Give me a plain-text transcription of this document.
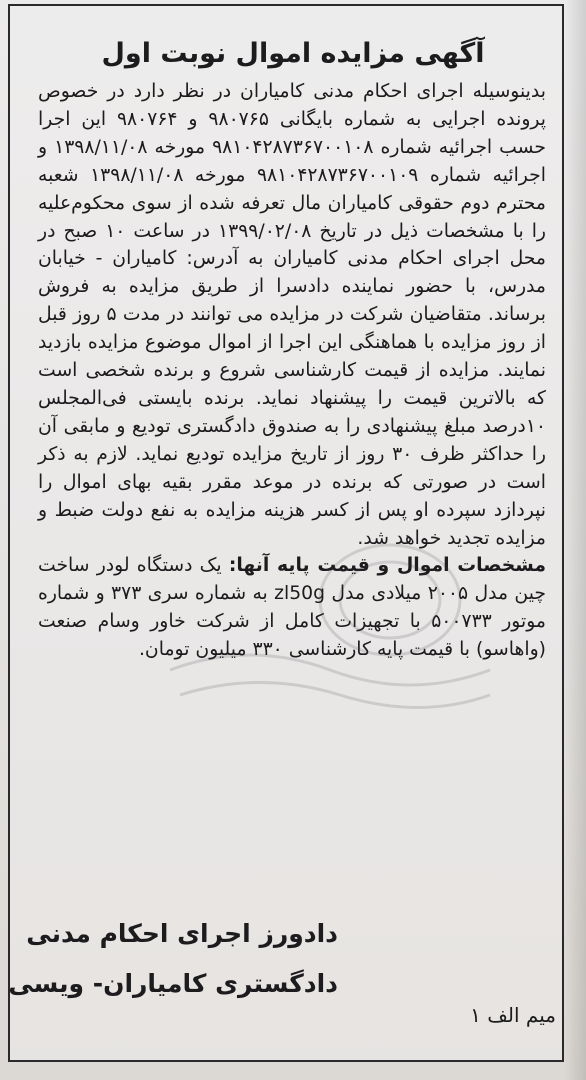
آگهی مزایده اموال نوبت اول

بدینوسیله اجرای احکام مدنی کامیاران در نظر دارد در خصوص پرونده اجرایی به شماره بایگانی ۹۸۰۷۶۵ و ۹۸۰۷۶۴ این اجرا حسب اجرائیه شماره ۹۸۱۰۴۲۸۷۳۶۷۰۰۱۰۸ مورخه ۱۳۹۸/۱۱/۰۸ و اجرائیه شماره ۹۸۱۰۴۲۸۷۳۶۷۰۰۱۰۹ مورخه ۱۳۹۸/۱۱/۰۸ شعبه محترم دوم حقوقی کامیاران مال تعرفه شده از سوی محکوم‌علیه را با مشخصات ذیل در تاریخ ۱۳۹۹/۰۲/۰۸ در ساعت ۱۰ صبح در محل اجرای احکام مدنی کامیاران به آدرس: کامیاران - خیابان مدرس، با حضور نماینده دادسرا از طریق مزایده به فروش برساند. متقاضیان شرکت در مزایده می توانند در مدت ۵ روز قبل از روز مزایده با هماهنگی این اجرا از اموال موضوع مزایده بازدید نمایند. مزایده از قیمت کارشناسی شروع و برنده شخصی است که بالاترین قیمت را پیشنهاد نماید. برنده بایستی فی‌المجلس ۱۰درصد مبلغ پیشنهادی را به صندوق دادگستری تودیع و مابقی آن را حداکثر ظرف ۳۰ روز از تاریخ مزایده تودیع نماید. لازم به ذکر است در صورتی که برنده در موعد مقرر بقیه بهای اموال را نپردازد سپرده او پس از کسر هزینه مزایده به نفع دولت ضبط و مزایده تجدید خواهد شد.

مشخصات اموال و قیمت پایه آنها: یک دستگاه لودر ساخت چین مدل ۲۰۰۵ میلادی مدل zl50g به شماره سری ۳۷۳ و شماره موتور ۵۰۰۷۳۳ با تجهیزات کامل از شرکت خاور وسام صنعت (واهاسو) با قیمت پایه کارشناسی ۳۳۰ میلیون تومان.

دادورز اجرای احکام مدنی
دادگستری کامیاران- ویسی
میم الف ۱
